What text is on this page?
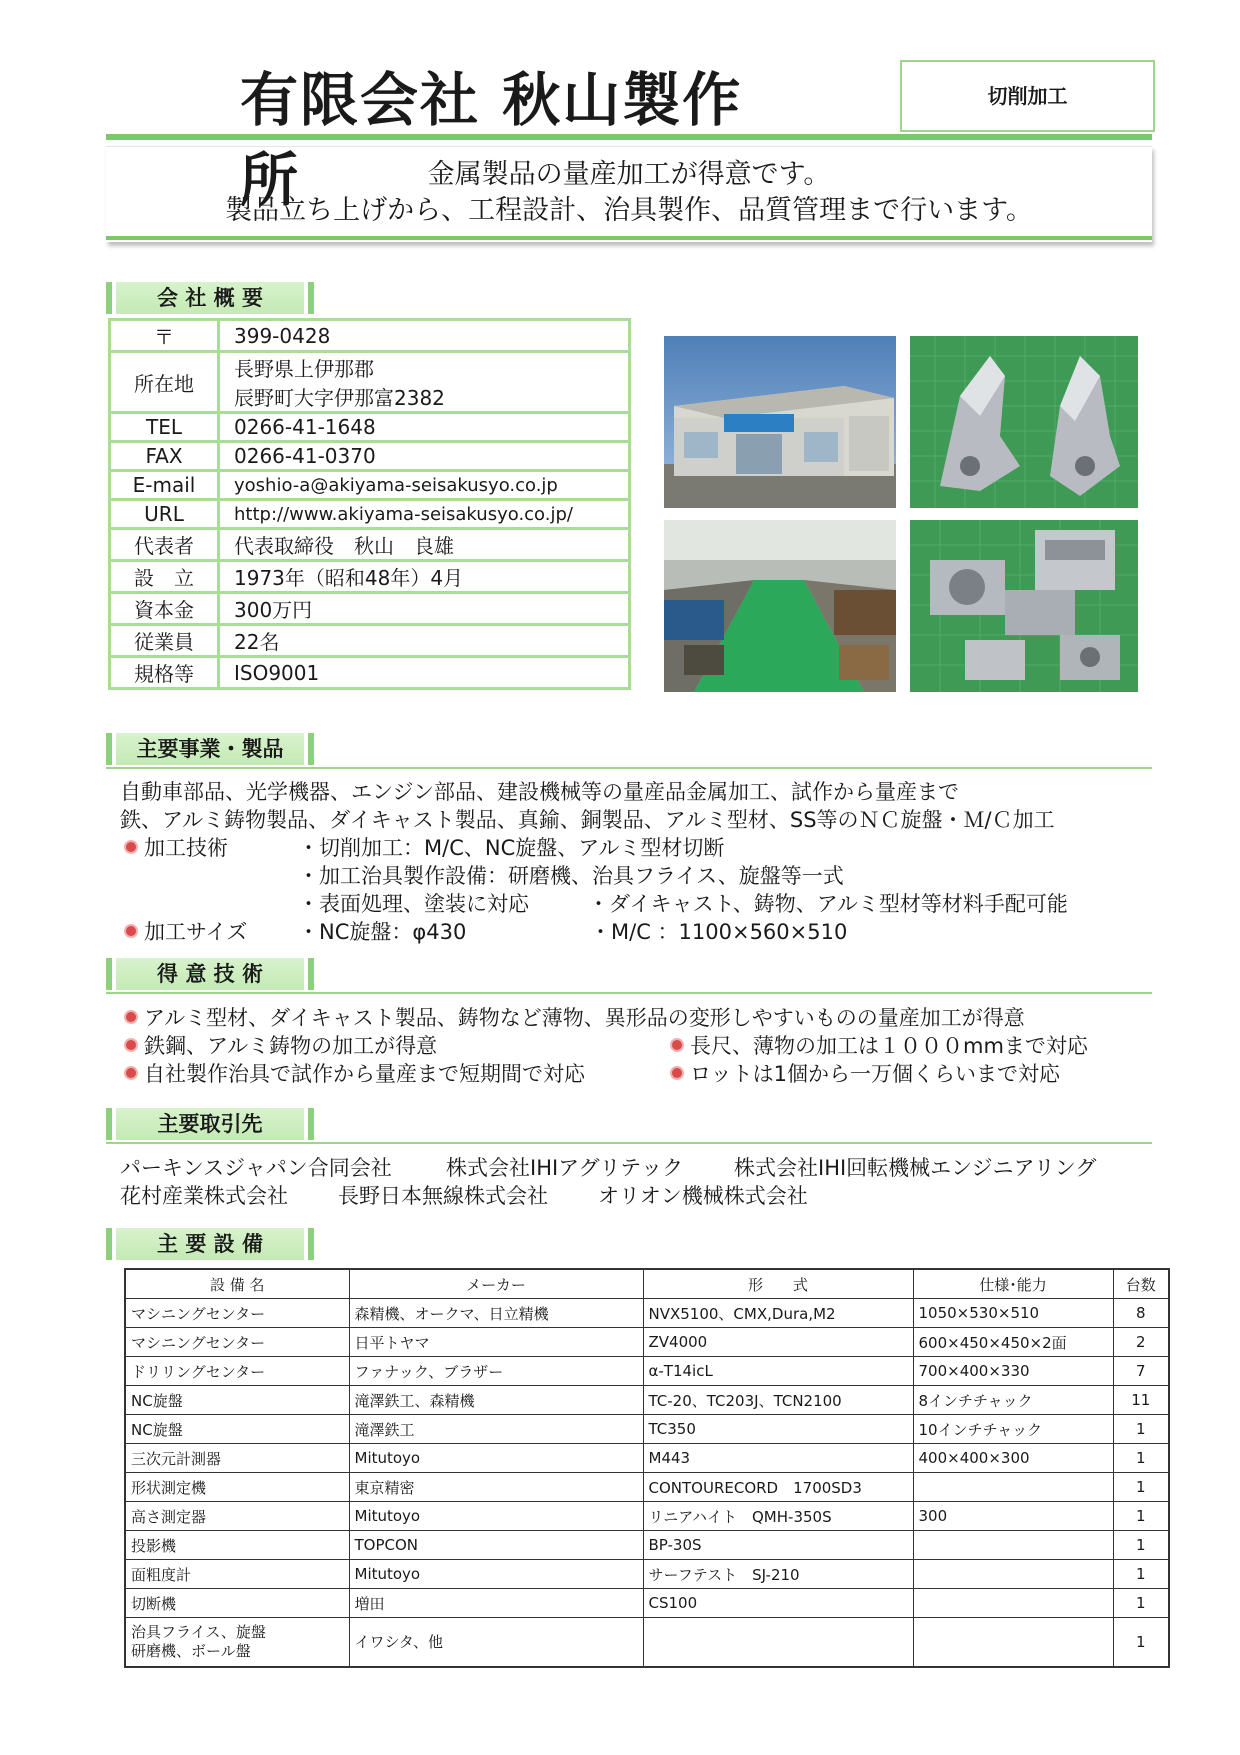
有限会社 秋山製作所
切削加工
金属製品の量産加工が得意です。
製品立ち上げから、工程設計、治具製作、品質管理まで行います。
会 社 概 要
〒	399-0428
所在地	長野県上伊那郡
辰野町大字伊那富2382

TEL	0266-41-1648
FAX	0266-41-0370
E-mail	yoshio-a@akiyama-seisakusyo.co.jp
URL	http://www.akiyama-seisakusyo.co.jp/
代表者	代表取締役　秋山　良雄
設　立	1973年（昭和48年）4月
資本金	300万円
従業員	22名
規格等	ISO9001
主要事業・製品
自動車部品、光学機器、エンジン部品、建設機械等の量産品金属加工、試作から量産まで
鉄、アルミ鋳物製品、ダイキャスト製品、真鍮、銅製品、アルミ型材、SS等のＮＣ旋盤・Ｍ/Ｃ加工
加工技術	・切削加工：M/C、NC旋盤、アルミ型材切断
・加工治具製作設備：研磨機、治具フライス、旋盤等一式
・表面処理、塗装に対応	・ダイキャスト、鋳物、アルミ型材等材料手配可能
加工サイズ ・NC旋盤：φ430	・M/C ：1100×560×510
得 意 技 術
アルミ型材、ダイキャスト製品、鋳物など薄物、異形品の変形しやすいものの量産加工が得意
鉄鋼、アルミ鋳物の加工が得意	長尺、薄物の加工は１０００mmまで対応
自社製作治具で試作から量産まで短期間で対応	ロットは1個から一万個くらいまで対応
主要取引先
パーキンスジャパン合同会社	株式会社IHIアグリテック 株式会社IHI回転機械エンジニアリング
花村産業株式会社 長野日本無線株式会社 オリオン機械株式会社
主 要 設 備
設 備 名	メーカー	形　　式	仕様･能力	台数
マシニングセンター	森精機、オークマ、日立精機	NVX5100、CMX,Dura,M2	1050×530×510	8
マシニングセンター	日平トヤマ	ZV4000	600×450×450×2面	2
ドリリングセンター	ファナック、ブラザー	α-T14icL	700×400×330	7
NC旋盤	滝澤鉄工、森精機	TC-20、TC203J、TCN2100	8インチチャック	11
NC旋盤	滝澤鉄工	TC350	10インチチャック	1
三次元計測器	Mitutoyo	M443	400×400×300	1
形状測定機	東京精密	CONTOURECORD　1700SD3		1
高さ測定器	Mitutoyo	リニアハイト　QMH-350S	300	1
投影機	TOPCON	BP-30S		1
面粗度計	Mitutoyo	サーフテスト　SJ-210		1
切断機	増田	CS100		1

治具フライス、旋盤
研磨機、ボール盤	イワシタ、他			1
